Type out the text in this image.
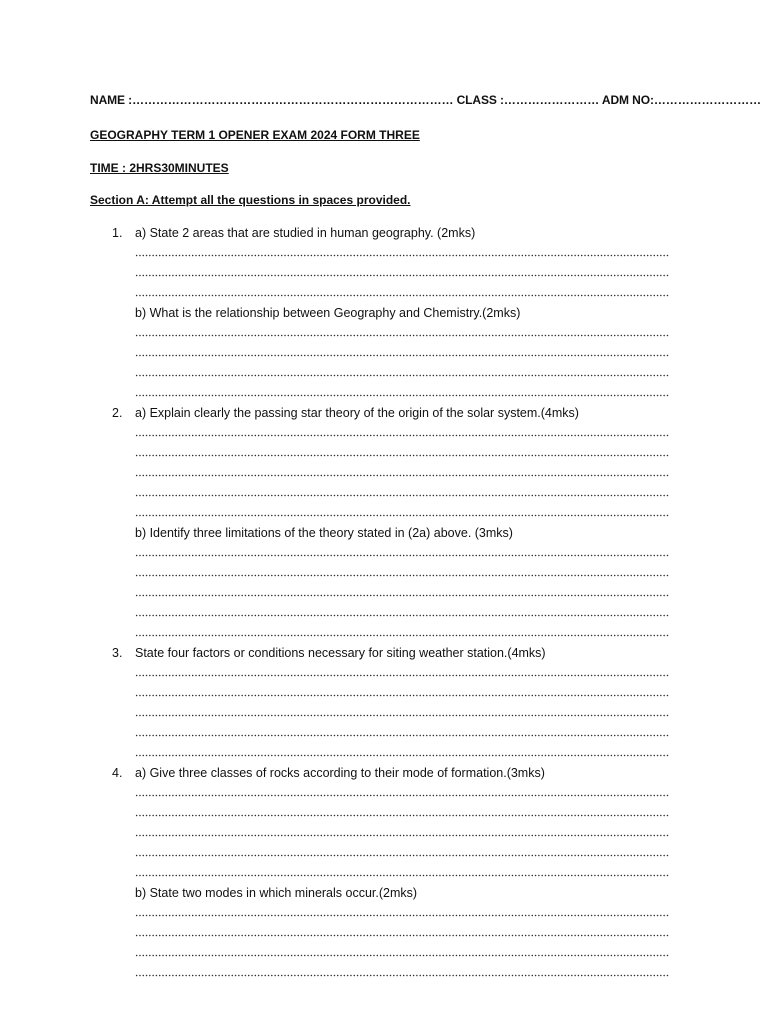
NAME :……………………………………………………………………… CLASS :…………………… ADM NO:………………………
GEOGRAPHY TERM 1 OPENER EXAM 2024 FORM THREE
TIME : 2HRS30MINUTES
Section A: Attempt all the questions in spaces provided.
1. a) State 2 areas that are studied in human geography. (2mks)
b) What is the relationship between Geography and Chemistry.(2mks)
2. a) Explain clearly the passing star theory of the origin of the solar system.(4mks)
b) Identify three limitations of the theory stated in (2a) above. (3mks)
3. State four factors or conditions necessary for siting weather station.(4mks)
4. a) Give three classes of rocks according to their mode of formation.(3mks)
b) State two modes in which minerals occur.(2mks)
